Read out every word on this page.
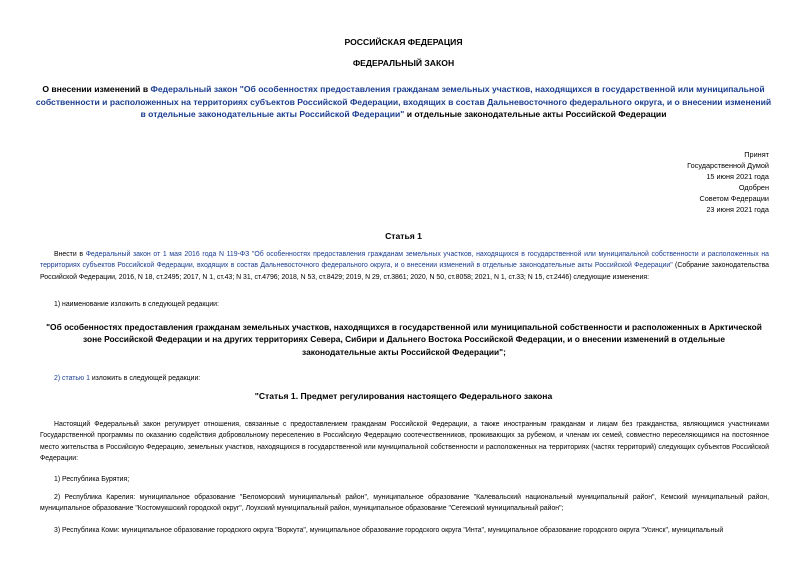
РОССИЙСКАЯ ФЕДЕРАЦИЯ
ФЕДЕРАЛЬНЫЙ ЗАКОН
О внесении изменений в Федеральный закон "Об особенностях предоставления гражданам земельных участков, находящихся в государственной или муниципальной собственности и расположенных на территориях субъектов Российской Федерации, входящих в состав Дальневосточного федерального округа, и о внесении изменений в отдельные законодательные акты Российской Федерации" и отдельные законодательные акты Российской Федерации
Принят
Государственной Думой
15 июня 2021 года
Одобрен
Советом Федерации
23 июня 2021 года
Статья 1
Внести в Федеральный закон от 1 мая 2016 года N 119-ФЗ "Об особенностях предоставления гражданам земельных участков, находящихся в государственной или муниципальной собственности и расположенных на территориях субъектов Российской Федерации, входящих в состав Дальневосточного федерального округа, и о внесении изменений в отдельные законодательные акты Российской Федерации" (Собрание законодательства Российской Федерации, 2016, N 18, ст.2495; 2017, N 1, ст.43; N 31, ст.4796; 2018, N 53, ст.8429; 2019, N 29, ст.3861; 2020, N 50, ст.8058; 2021, N 1, ст.33; N 15, ст.2446) следующие изменения:
1) наименование изложить в следующей редакции:
"Об особенностях предоставления гражданам земельных участков, находящихся в государственной или муниципальной собственности и расположенных в Арктической зоне Российской Федерации и на других территориях Севера, Сибири и Дальнего Востока Российской Федерации, и о внесении изменений в отдельные законодательные акты Российской Федерации";
2) статью 1 изложить в следующей редакции:
"Статья 1. Предмет регулирования настоящего Федерального закона
Настоящий Федеральный закон регулирует отношения, связанные с предоставлением гражданам Российской Федерации, а также иностранным гражданам и лицам без гражданства, являющимся участниками Государственной программы по оказанию содействия добровольному переселению в Российскую Федерацию соотечественников, проживающих за рубежом, и членам их семей, совместно переселяющимся на постоянное место жительства в Российскую Федерацию, земельных участков, находящихся в государственной или муниципальной собственности и расположенных на территориях (частях территорий) следующих субъектов Российской Федерации:
1) Республика Бурятия;
2) Республика Карелия: муниципальное образование "Беломорский муниципальный район", муниципальное образование "Калевальский национальный муниципальный район", Кемский муниципальный район, муниципальное образование "Костомукшский городской округ", Лоухский муниципальный район, муниципальное образование "Сегежский муниципальный район";
3) Республика Коми: муниципальное образование городского округа "Воркута", муниципальное образование городского округа "Инта", муниципальное образование городского округа "Усинск", муниципальный
